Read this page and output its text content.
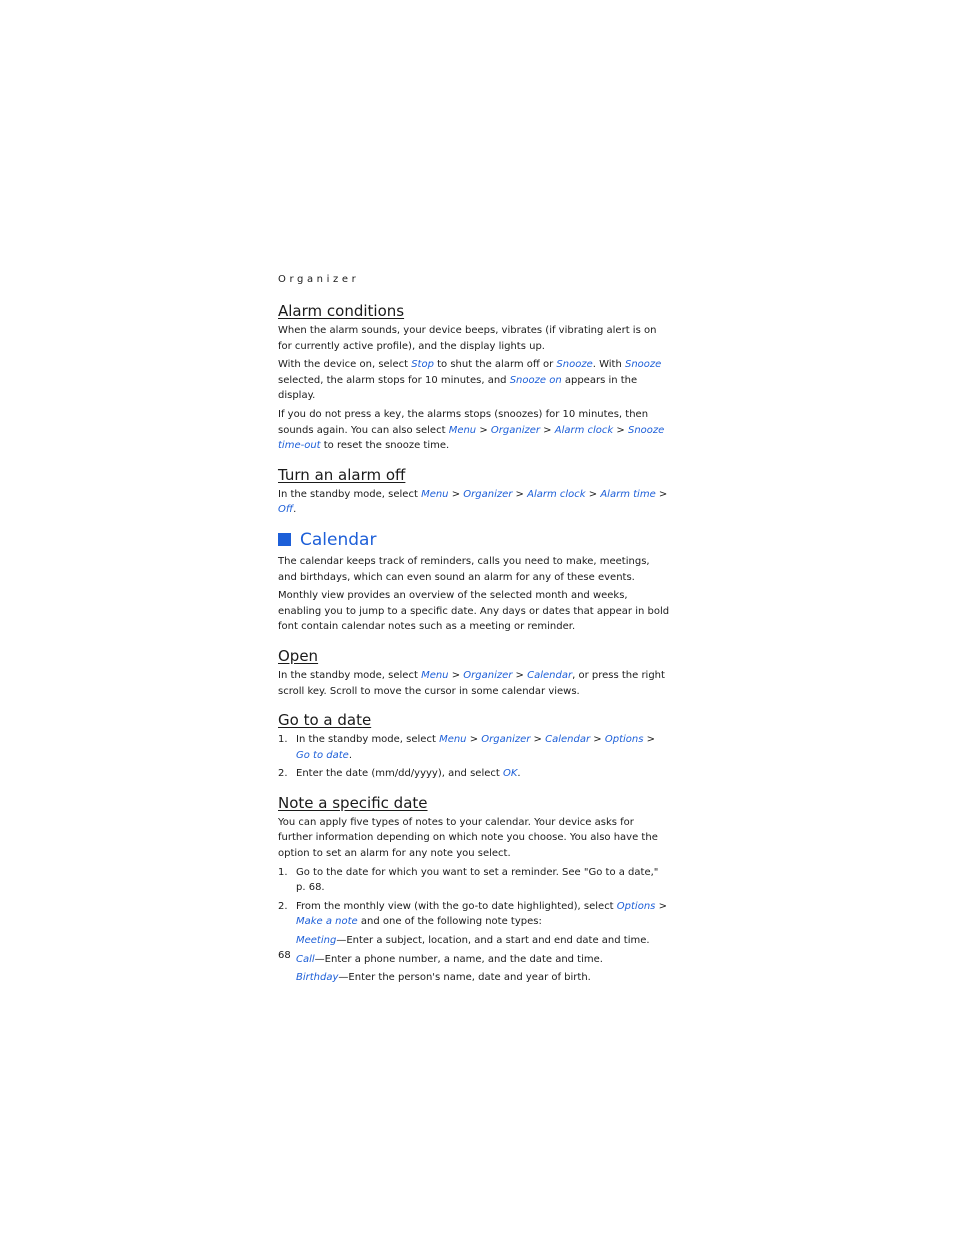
Organizer
Alarm conditions

When the alarm sounds, your device beeps, vibrates (if vibrating alert is on for currently active profile), and the display lights up.

With the device on, select Stop to shut the alarm off or Snooze. With Snooze selected, the alarm stops for 10 minutes, and Snooze on appears in the display.

If you do not press a key, the alarms stops (snoozes) for 10 minutes, then sounds again. You can also select Menu > Organizer > Alarm clock > Snooze time-out to reset the snooze time.

Turn an alarm off

In the standby mode, select Menu > Organizer > Alarm clock > Alarm time > Off.

Calendar

The calendar keeps track of reminders, calls you need to make, meetings, and birthdays, which can even sound an alarm for any of these events.

Monthly view provides an overview of the selected month and weeks, enabling you to jump to a specific date. Any days or dates that appear in bold font contain calendar notes such as a meeting or reminder.

Open

In the standby mode, select Menu > Organizer > Calendar, or press the right scroll key. Scroll to move the cursor in some calendar views.

Go to a date
1. In the standby mode, select Menu > Organizer > Calendar > Options > Go to date.
2. Enter the date (mm/dd/yyyy), and select OK.
Note a specific date

You can apply five types of notes to your calendar. Your device asks for further information depending on which note you choose. You also have the option to set an alarm for any note you select.

1. Go to the date for which you want to set a reminder. See "Go to a date," p. 68.
2. From the monthly view (with the go-to date highlighted), select Options > Make a note and one of the following note types:

Meeting—Enter a subject, location, and a start and end date and time.

Call—Enter a phone number, a name, and the date and time.

Birthday—Enter the person's name, date and year of birth.

68
